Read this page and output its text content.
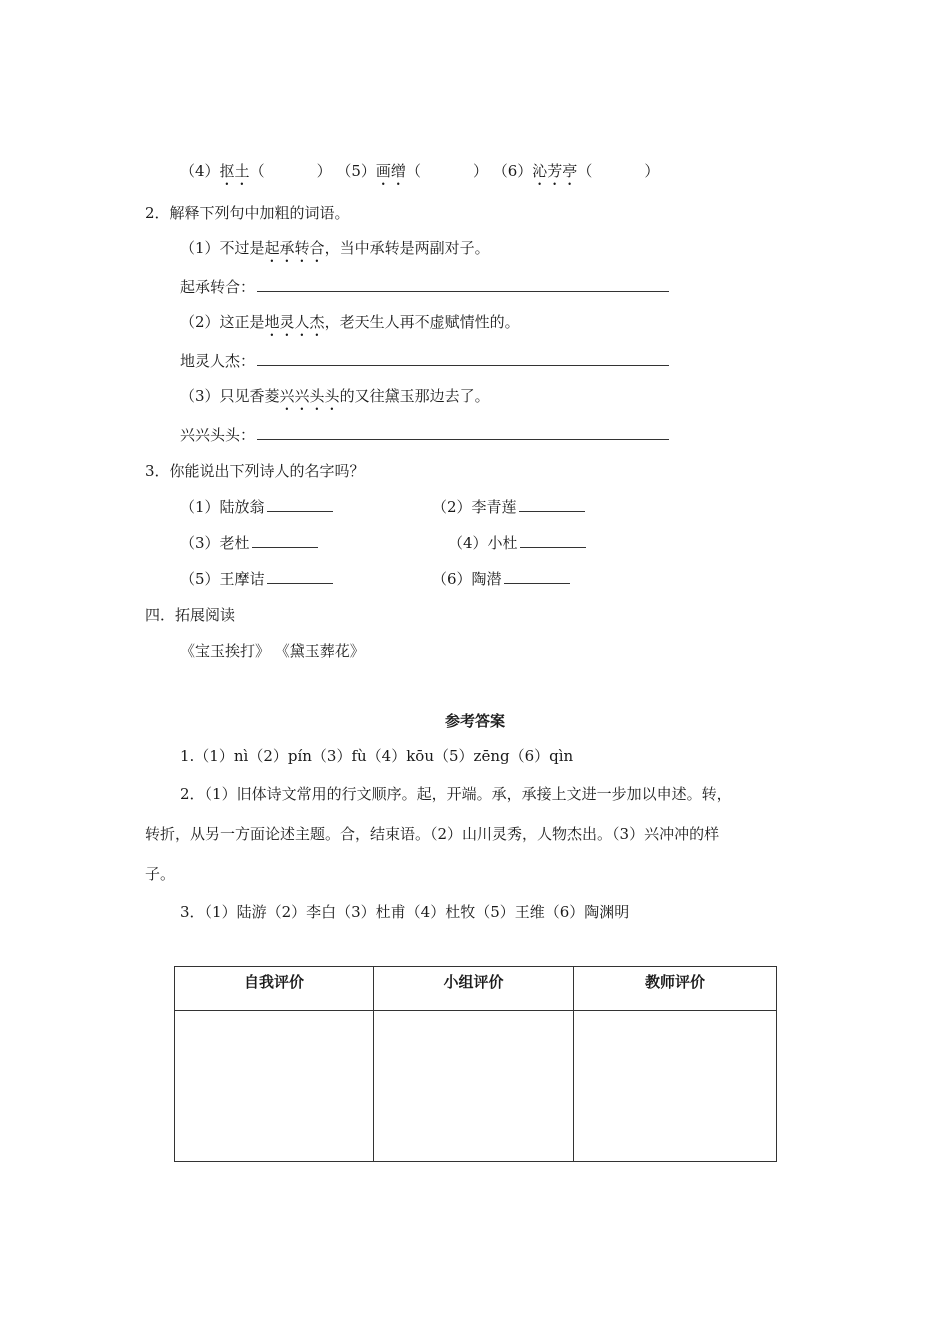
（4）抠土（	） （5）画缯（	） （6）沁芳亭（	）
2．解释下列句中加粗的词语。
（1）不过是起承转合，当中承转是两副对子。
起承转合：
（2）这正是地灵人杰，老天生人再不虚赋情性的。
地灵人杰：
（3）只见香菱兴兴头头的又往黛玉那边去了。
兴兴头头：
3．你能说出下列诗人的名字吗？
（1）陆放翁	（2）李青莲
（3）老杜	（4）小杜
（5）王摩诘	（6）陶潜
四．拓展阅读
《宝玉挨打》 《黛玉葬花》
参考答案
1.（1）nì（2）pín（3）fù（4）kōu（5）zēng（6）qìn
2．（1）旧体诗文常用的行文顺序。起，开端。承，承接上文进一步加以申述。转，
转折，从另一方面论述主题。合，结束语。（2）山川灵秀，人物杰出。（3）兴冲冲的样
子。
3．（1）陆游（2）李白（3）杜甫（4）杜牧（5）王维（6）陶渊明
自我评价	小组评价	教师评价
